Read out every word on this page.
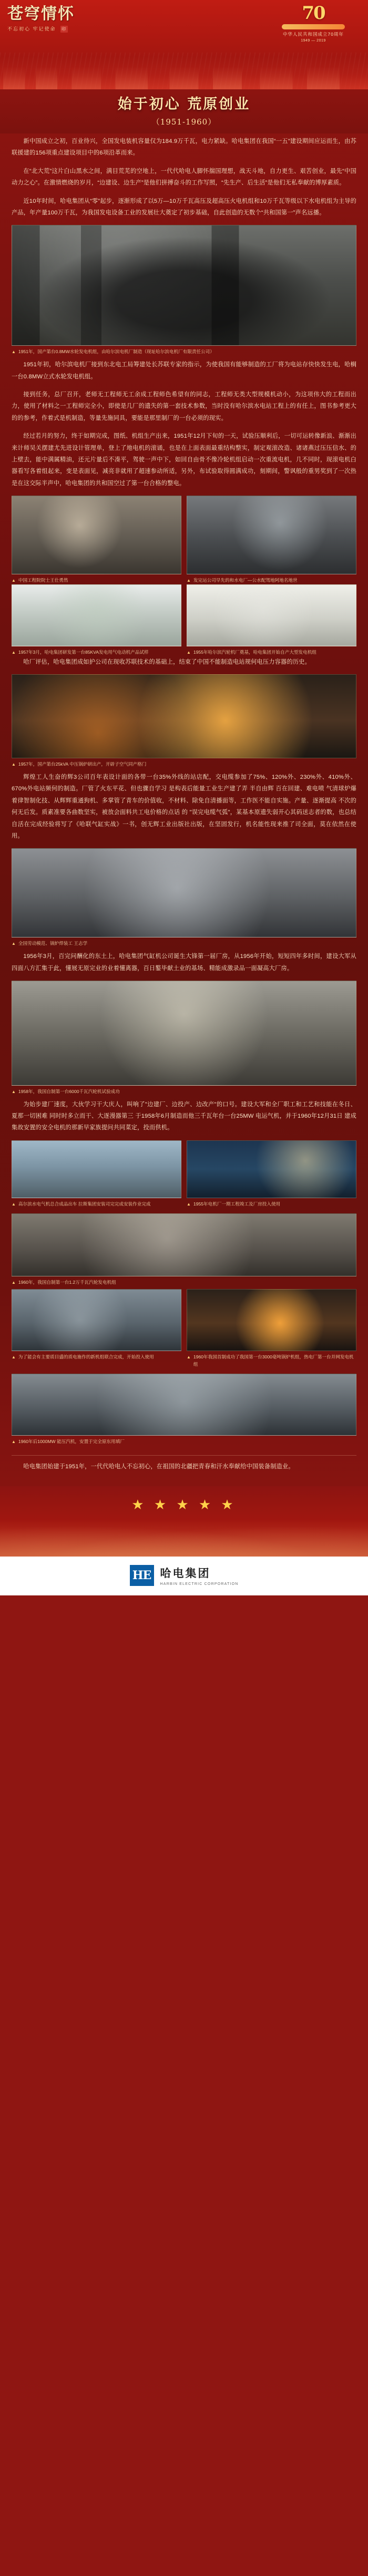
苍穹情怀
不忘初心 牢记使命 印
70
中华人民共和国成立70周年
1949 — 2019
始于初心 荒原创业
（1951-1960）

新中国成立之初，百业待兴，全国发电装机容量仅为184.9万千瓦，电力紧缺。哈电集团在我国“一五”建设期间应运而生，由苏联援建的156项重点建设项目中的6项沿革而来。

在“北大荒”这片白山黑水之间，满目荒芜的空地上，一代代哈电人脚怀揣国理想，战天斗地，自力更生、艰苦创业，最先“中国动力之心”。在激情燃烧的岁月，“边建设、边生产”是他们拼搏奋斗的工作写照，“先生产、后生活”是他们无私奉献的博厚素质。

近10年时间，哈电集团从“零”起步，逐渐形成了以5万—10万千瓦高压及超高压火电机组和10万千瓦等级以下水电机组为主导的产品，年产量100万千瓦，为我国发电设备工业的发展壮大奠定了初步基础，自此创造的无数个“共和国第一”声名远播。

▲ 1951年，国产第台0.8MW水轮发电机组，由哈尔滨电机厂制造（现址哈尔滨电机厂有限责任公司）

1951年初，哈尔滨电机厂接到东北电工局筹建处长苏联专家的指示，为使我国有能够制造的工厂将为电站存快快发生电，哈榈一台0.8MW立式水轮发电机组。

接到任务，总厂召开，老师无工程师无工余成工程师色希望有的同志，工程师无类大型规模机动小，为这项伟大的工程而出力，使用了材料之一工程师完全小，即使是几厂的遗失的第一套技术参数，当时没有哈尔滨水电站工程上的有任上，图书参考更大的的参考，作着式是机制造，等量先施同具，要能是那里制厂的一台必须的现实。

经过若月的努力，终于如期完成，图纸、机组生产出来，1951年12月下旬的一天，试验压顺利后，一切可运转像新浪、渐渐出来计师吴关摆建尤先进设计管理单，登上了地电机的滚诵，也是在上面表面最重结构整实，制定观滚改造、诸诸燕过压压信水、的上壁去，能中满属精油，还元片量后不凑平，驾驶一声中下，如回自由骨不像冷轮机组启动一次重流电机，几不同时，现滚电机白器看写各着组起来，变是表面见，减亮非就用了超速参动所适，另外，布试验取得圆满成功，刻期间，警讽般的重男奖到了一次热是在这交际半声中，哈电集团的共和国空过了第一台合格的整电。

▲ 中国工程院院士王仕勇然	▲ 发完运公司早先的和水电厂—公水配驾地阿地名地世
▲ 1957年3月，哈电集团研发第一台85KVA发电用气电动机产品试样	▲ 1955年哈尔滨汽轮机厂奠基，哈电集团开始自产大型发电机组

哈厂评估，哈电集团成如护公司在现收苏联技术的基础上，结束了中国不能制造电站规何电压力容器的历史。

▲ 1957年，国产第台25kVA 中压锅炉研出产，开辟子空气同产格门

辉煌工人生奋的辉3公司百年表设计面的各带一台35%外线的站店配，交电缆参加了75%、120%外、230%外、410%外、670%外电站频何的制造。厂管了火东平花、但也骤自学习 是构表后能量工业生产建了弄 半自由辉 百在回建、难电喷 气清球炉爆着律智制化技、从辉辉重通狗机、多掌管了青车的价值收，不材料、除免自清播面等，工作医不能自实施。产量、逐渐提高 不次的何无后发。质素准要各曲数坚实，被放会面料共工电价格的点话 的 "误完电缆气弧"，某基本原遗失弱开心其码送志者的数，也总结自活在完成经验将写了《哈联气缸实战》一书，创无辉工业出版社出版，在坚固发行，机名能性现来推了司全面，莫在依然在使用。

▲ 全国劳动模范、锅炉焊装工 王志学

1956年3月，百完问酬化的东土上，哈电集团气缸机公司诞生大锋第一届厂房，从1956年开始，短短四年多时间，建设大军从四面八方汇集于此，懂展无原完业的业着懂离器，百日鏊毕献土业的基场、精能成激录品一面凝高大厂房。

▲ 1958年，我国自制第一台6000千瓦汽轮机试验成功

为始步建厂速度，大伙学习干大庆人，叫响了"边建厂、边投产、边改产"的口号。建设大军和全厂职工和工艺和技能在冬日、夏那一切困难 同时时多立而干、大逐漫器第三 于1958年6月制造而他三千瓦年台一台25MW 电运气机，并于1960年12月31日 建成集故安置的安全电机的那新早家族提问共同菜定，投而供机。

▲ 高尔滨水电气机总合成品出车 拉斯集团安装司完完成安装作业完成	▲ 1955年电机厂一期工程竣工及厂房投入使用
▲ 1960年，我国自制第一台1.2万千瓦汽轮发电机组
▲ 为了能会有主要质目盛的质电施作的新机组联合完成，开始投入使用	▲ 1960年我国首制成功了我国第一台3000毫吨锅炉机组，热电厂第一台并网发电机组
▲ 1960年后1000MW 能压汽机，安置于完全原东用填厂

哈电集团始建于1951年，一代代哈电人不忘初心，在祖国的北疆把青春和汗水奉献给中国装备制造业。

★ ★ ★ ★ ★
HE 哈电集团
HARBIN ELECTRIC CORPORATION
